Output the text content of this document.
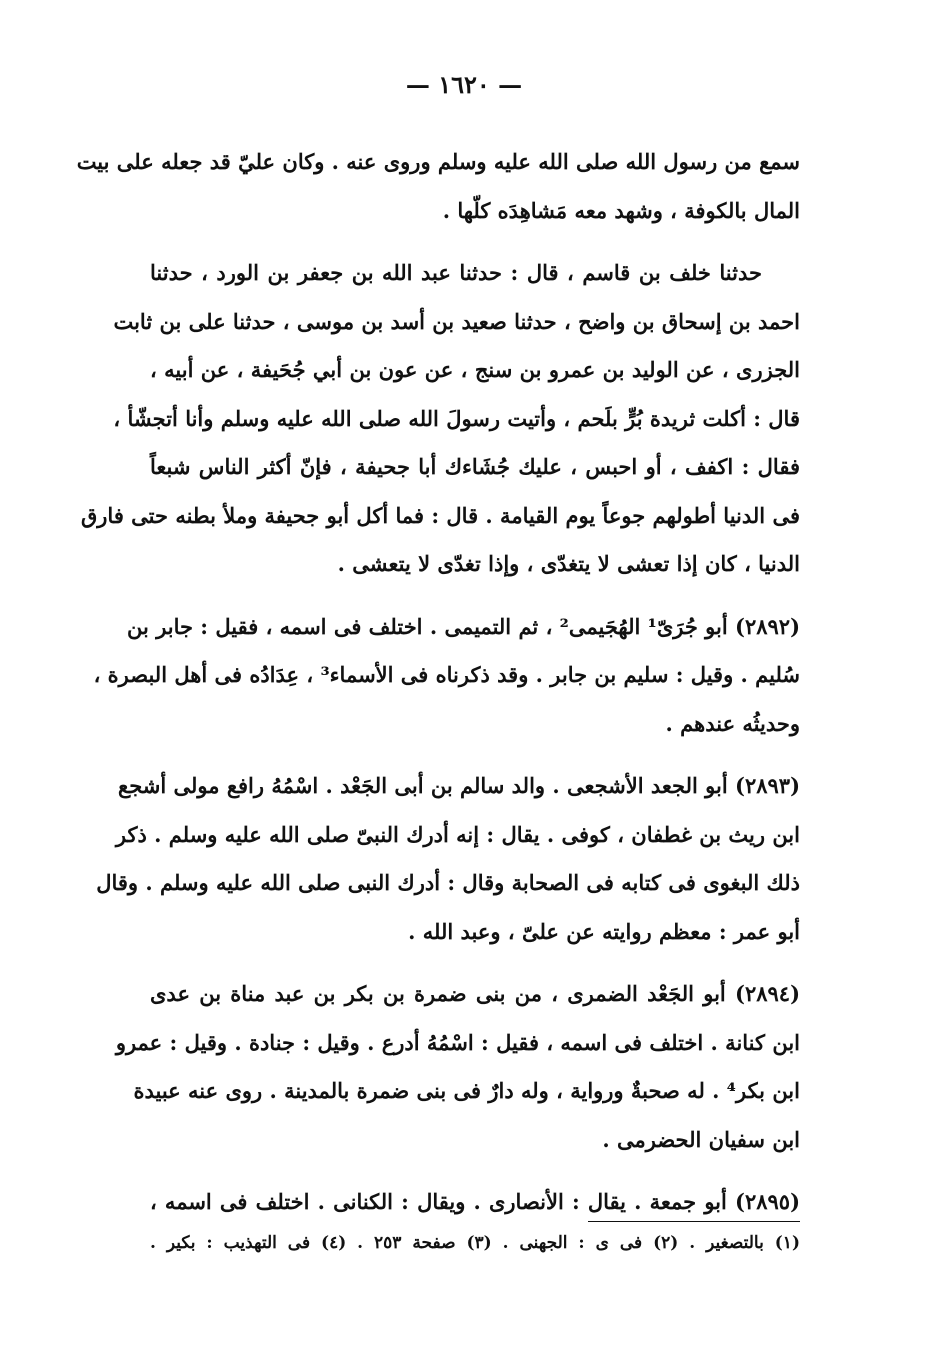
— ١٦٢٠ —
سمع من رسول الله صلى الله عليه وسلم وروى عنه . وكان عليّ قد جعله على بيت
المال بالكوفة ، وشهد معه مَشاهِدَه كلّها .
حدثنا خلف بن قاسم ، قال : حدثنا عبد الله بن جعفر بن الورد ، حدثنا
احمد بن إسحاق بن واضح ، حدثنا صعيد بن أسد بن موسى ، حدثنا على بن ثابت
الجزرى ، عن الوليد بن عمرو بن سنج ، عن عون بن أبي جُحَيفة ، عن أبيه ،
قال : أكلت ثريدة بُرٍّ بلَحم ، وأتيت رسولَ الله صلى الله عليه وسلم وأنا أتجشّأ ،
فقال : اكفف ، أو احبس ، عليك جُشَاءك أبا جحيفة ، فإنّ أكثر الناس شبعاً
فى الدنيا أطولهم جوعاً يوم القيامة . قال : فما أكل أبو جحيفة وملأ بطنه حتى فارق
الدنيا ، كان إذا تعشى لا يتغدّى ، وإذا تغدّى لا يتعشى .
(٢٨٩٢) أبو جُرَىّ¹ الهُجَيمى² ، ثم التميمى . اختلف فى اسمه ، فقيل : جابر بن
سُليم . وقيل : سليم بن جابر . وقد ذكرناه فى الأسماء³ ، عِدَادُه فى أهل البصرة ،
وحديثُه عندهم .
(٢٨٩٣) أبو الجعد الأشجعى . والد سالم بن أبى الجَعْد . اسْمُهُ رافع مولى أشجع
ابن ريث بن غطفان ، كوفى . يقال : إنه أدرك النبىّ صلى الله عليه وسلم . ذكر
ذلك البغوى فى كتابه فى الصحابة وقال : أدرك النبى صلى الله عليه وسلم . وقال
أبو عمر : معظم روايته عن علىّ ، وعبد الله .
(٢٨٩٤) أبو الجَعْد الضمرى ، من بنى ضمرة بن بكر بن عبد مناة بن عدى
ابن كنانة . اختلف فى اسمه ، فقيل : اسْمُهُ أدرع . وقيل : جنادة . وقيل : عمرو
ابن بكر⁴ . له صحبةٌ ورواية ، وله دارٌ فى بنى ضمرة بالمدينة . روى عنه عبيدة
ابن سفيان الحضرمى .
(٢٨٩٥) أبو جمعة . يقال : الأنصارى . ويقال : الكنانى . اختلف فى اسمه ،
(١) بالتصغير . (٢) فى ى : الجهنى . (٣) صفحة ٢٥٣ . (٤) فى التهذيب : بكير .
